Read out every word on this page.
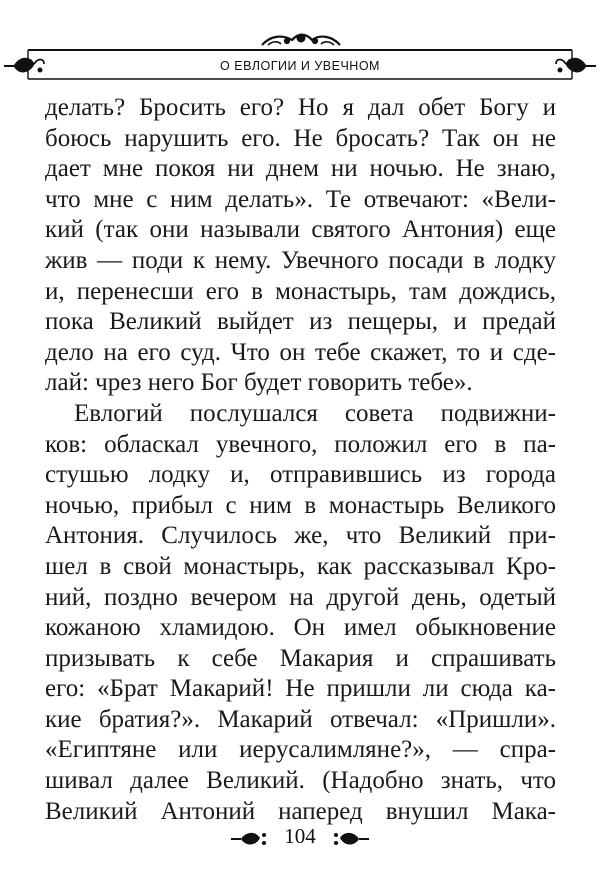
О ЕВЛОГИИ И УВЕЧНОМ
делать? Бросить его? Но я дал обет Богу и
боюсь нарушить его. Не бросать? Так он не
дает мне покоя ни днем ни ночью. Не знаю,
что мне с ним делать». Те отвечают: «Вели-
кий (так они называли святого Антония) еще
жив — поди к нему. Увечного посади в лодку
и, перенесши его в монастырь, там дождись,
пока Великий выйдет из пещеры, и предай
дело на его суд. Что он тебе скажет, то и сде-
лай: чрез него Бог будет говорить тебе».
Евлогий послушался совета подвижни-
ков: обласкал увечного, положил его в па-
стушью лодку и, отправившись из города
ночью, прибыл с ним в монастырь Великого
Антония. Случилось же, что Великий при-
шел в свой монастырь, как рассказывал Кро-
ний, поздно вечером на другой день, одетый
кожаною хламидою. Он имел обыкновение
призывать к себе Макария и спрашивать
его: «Брат Макарий! Не пришли ли сюда ка-
кие братия?». Макарий отвечал: «Пришли».
«Египтяне или иерусалимляне?», — спра-
шивал далее Великий. (Надобно знать, что
Великий Антоний наперед внушил Мака-
104
